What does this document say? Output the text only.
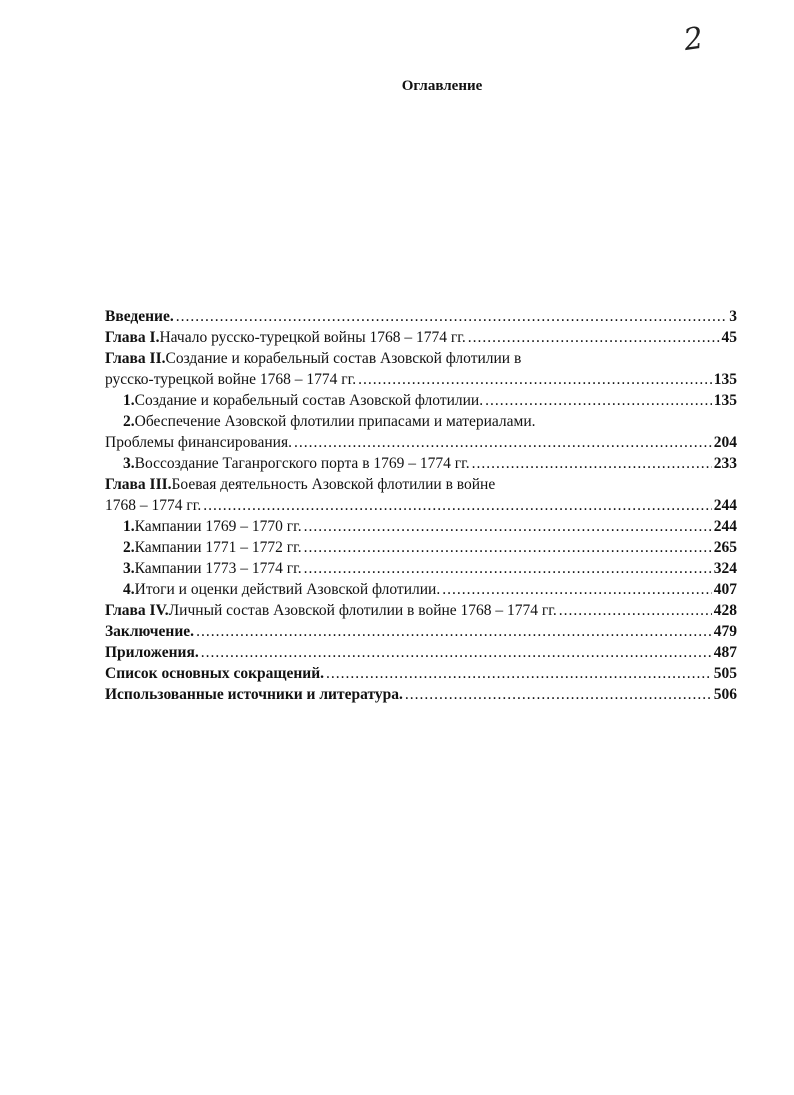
2
Оглавление
Введение. .....	3
Глава I. Начало русско-турецкой войны 1768 – 1774 гг. .....	45
Глава II. Создание и корабельный состав Азовской флотилии в
русско-турецкой войне 1768 – 1774 гг. .....	135
1. Создание и корабельный состав Азовской флотилии. .....	135
2. Обеспечение Азовской флотилии припасами и материалами.
Проблемы финансирования. .....	204
3. Воссоздание Таганрогского порта в 1769 – 1774 гг. .....	233
Глава III. Боевая деятельность Азовской флотилии в войне
1768 – 1774 гг. .....	244
1. Кампании 1769 – 1770 гг. .....	244
2. Кампании 1771 – 1772 гг. .....	265
3. Кампании 1773 – 1774 гг. .....	324
4. Итоги и оценки действий Азовской флотилии. .....	407
Глава IV. Личный состав Азовской флотилии в войне 1768 – 1774 гг. .....	428
Заключение. .....	479
Приложения. .....	487
Список основных сокращений. .....	505
Использованные источники и литература. .....	506
